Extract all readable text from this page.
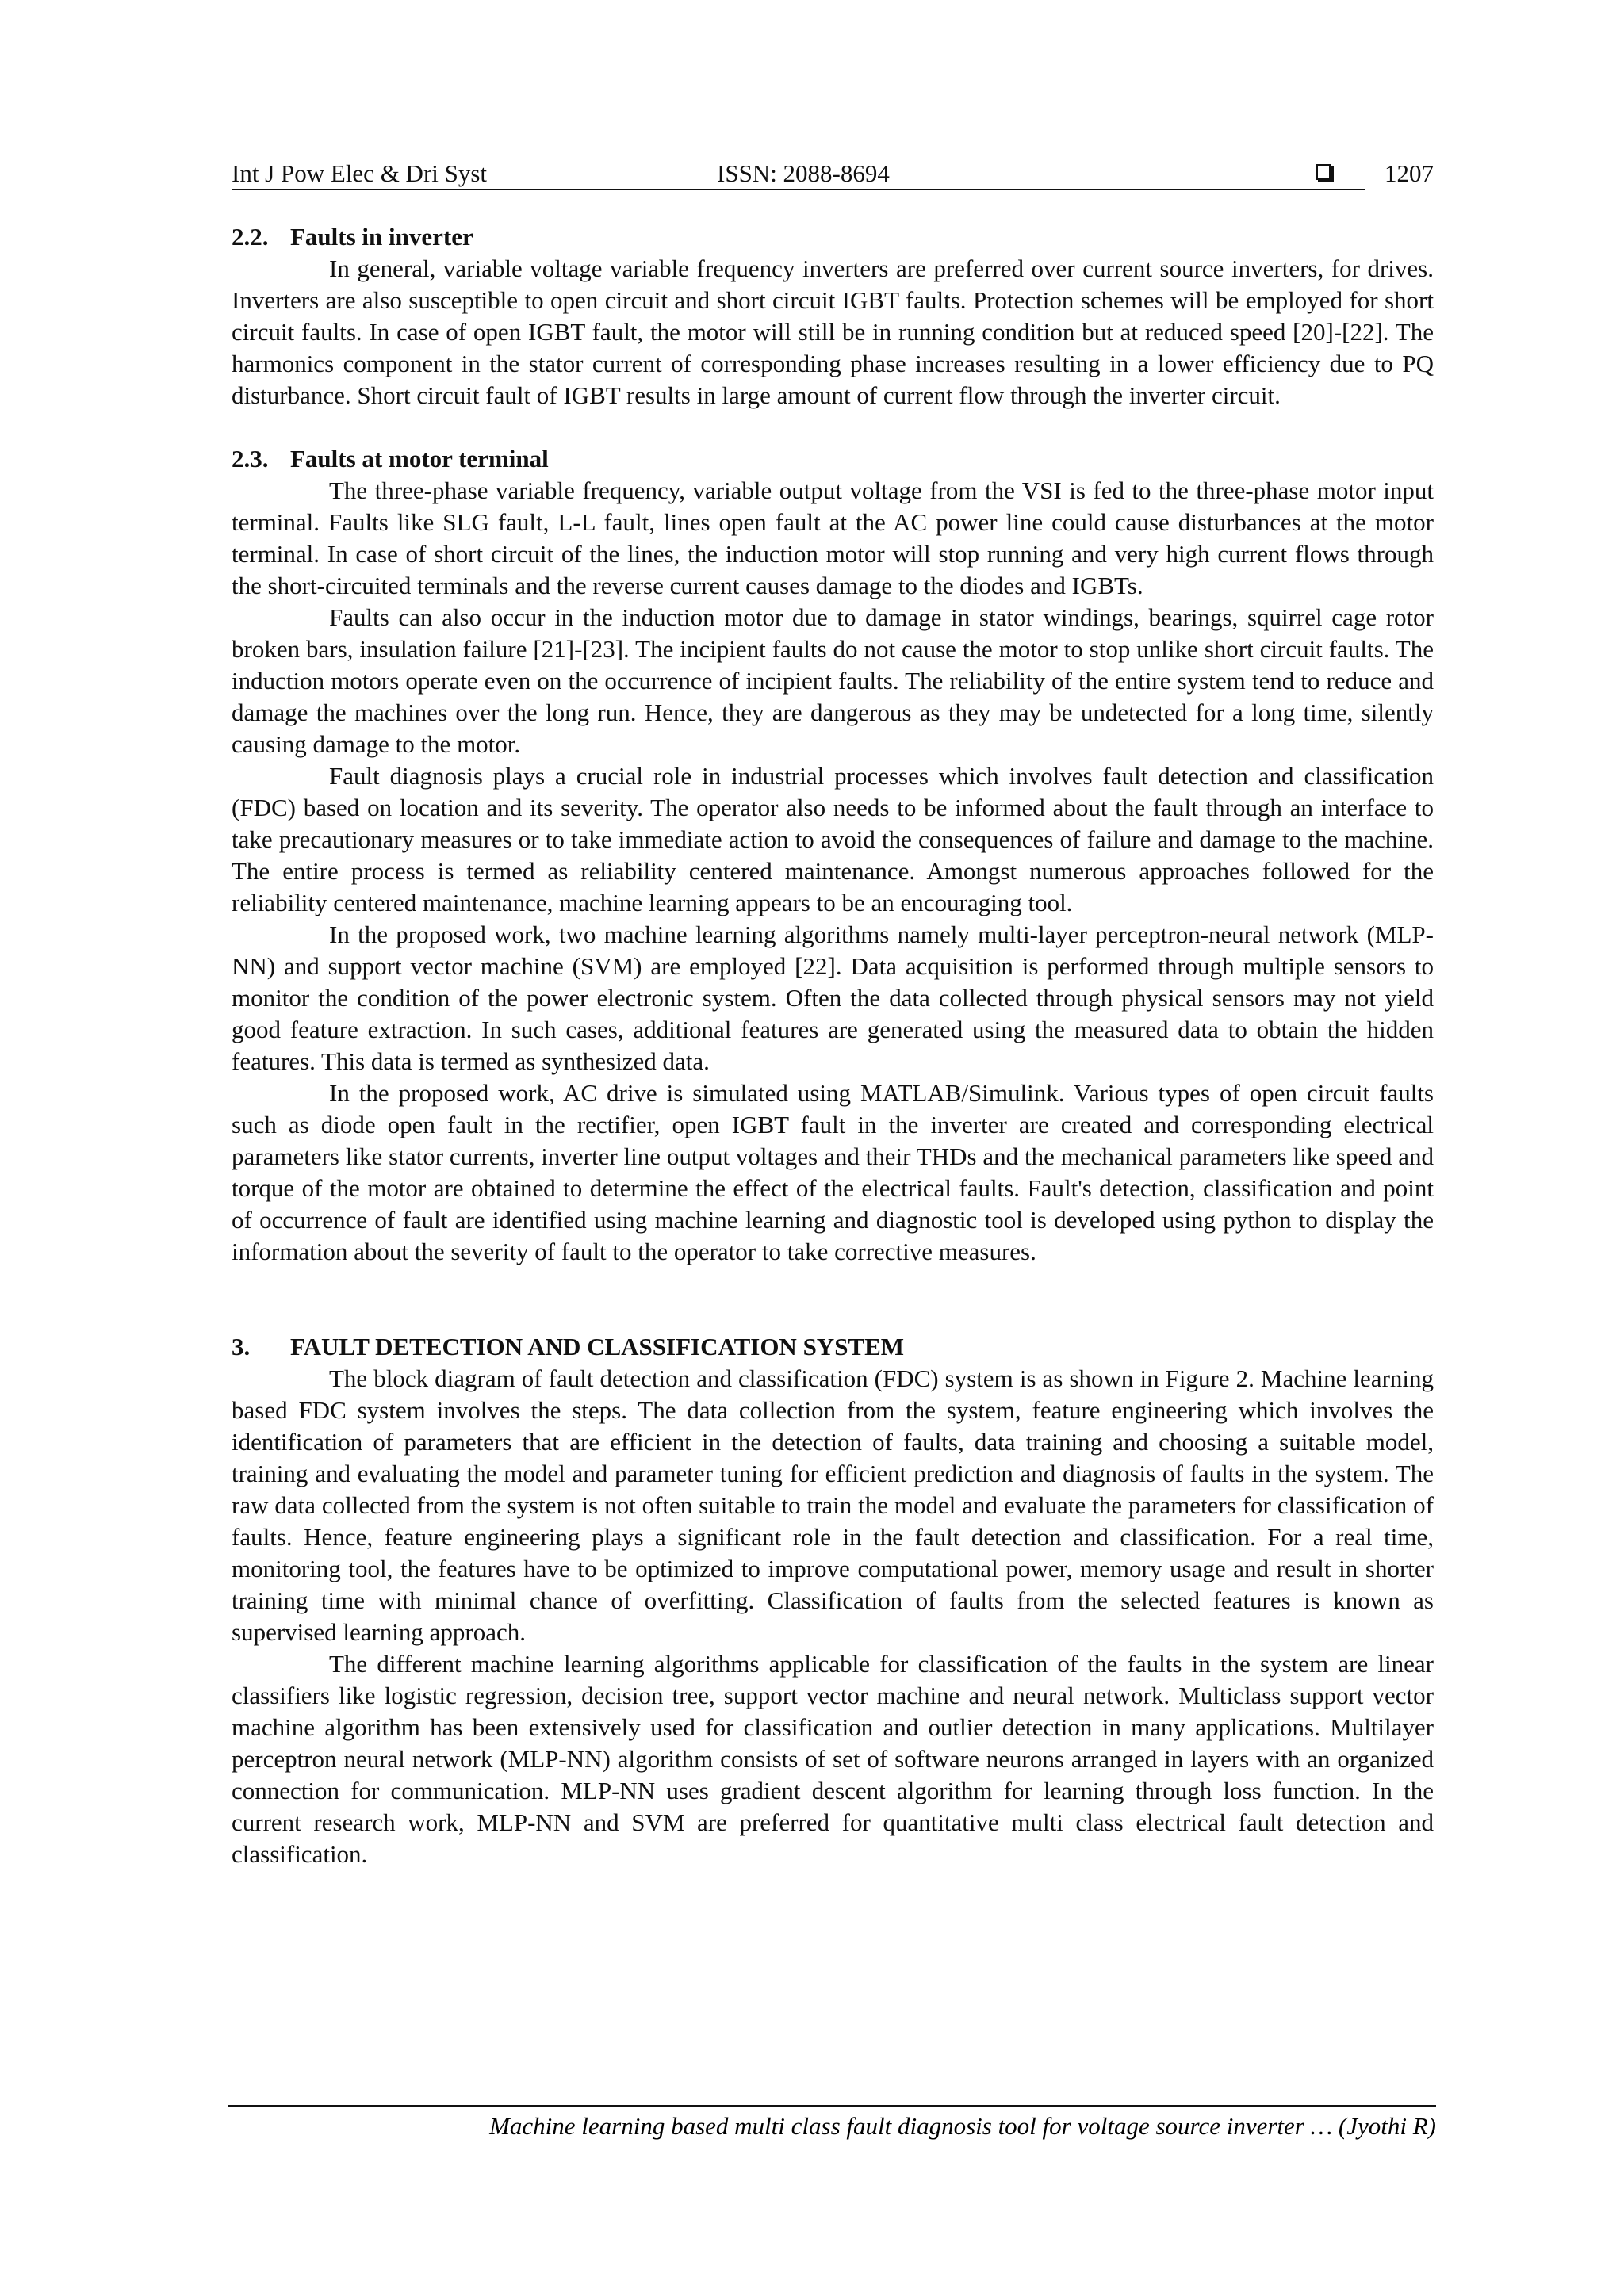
Int J Pow Elec & Dri Syst	ISSN: 2088-8694	1207
2.2. Faults in inverter

In general, variable voltage variable frequency inverters are preferred over current source inverters, for drives. Inverters are also susceptible to open circuit and short circuit IGBT faults. Protection schemes will be employed for short circuit faults. In case of open IGBT fault, the motor will still be in running condition but at reduced speed [20]-[22]. The harmonics component in the stator current of corresponding phase increases resulting in a lower efficiency due to PQ disturbance. Short circuit fault of IGBT results in large amount of current flow through the inverter circuit.

2.3. Faults at motor terminal

The three-phase variable frequency, variable output voltage from the VSI is fed to the three-phase motor input terminal. Faults like SLG fault, L-L fault, lines open fault at the AC power line could cause disturbances at the motor terminal. In case of short circuit of the lines, the induction motor will stop running and very high current flows through the short-circuited terminals and the reverse current causes damage to the diodes and IGBTs.

Faults can also occur in the induction motor due to damage in stator windings, bearings, squirrel cage rotor broken bars, insulation failure [21]-[23]. The incipient faults do not cause the motor to stop unlike short circuit faults. The induction motors operate even on the occurrence of incipient faults. The reliability of the entire system tend to reduce and damage the machines over the long run. Hence, they are dangerous as they may be undetected for a long time, silently causing damage to the motor.

Fault diagnosis plays a crucial role in industrial processes which involves fault detection and classification (FDC) based on location and its severity. The operator also needs to be informed about the fault through an interface to take precautionary measures or to take immediate action to avoid the consequences of failure and damage to the machine. The entire process is termed as reliability centered maintenance. Amongst numerous approaches followed for the reliability centered maintenance, machine learning appears to be an encouraging tool.

In the proposed work, two machine learning algorithms namely multi-layer perceptron-neural network (MLP-NN) and support vector machine (SVM) are employed [22]. Data acquisition is performed through multiple sensors to monitor the condition of the power electronic system. Often the data collected through physical sensors may not yield good feature extraction. In such cases, additional features are generated using the measured data to obtain the hidden features. This data is termed as synthesized data.

In the proposed work, AC drive is simulated using MATLAB/Simulink. Various types of open circuit faults such as diode open fault in the rectifier, open IGBT fault in the inverter are created and corresponding electrical parameters like stator currents, inverter line output voltages and their THDs and the mechanical parameters like speed and torque of the motor are obtained to determine the effect of the electrical faults. Fault's detection, classification and point of occurrence of fault are identified using machine learning and diagnostic tool is developed using python to display the information about the severity of fault to the operator to take corrective measures.

3. FAULT DETECTION AND CLASSIFICATION SYSTEM

The block diagram of fault detection and classification (FDC) system is as shown in Figure 2. Machine learning based FDC system involves the steps. The data collection from the system, feature engineering which involves the identification of parameters that are efficient in the detection of faults, data training and choosing a suitable model, training and evaluating the model and parameter tuning for efficient prediction and diagnosis of faults in the system. The raw data collected from the system is not often suitable to train the model and evaluate the parameters for classification of faults. Hence, feature engineering plays a significant role in the fault detection and classification. For a real time, monitoring tool, the features have to be optimized to improve computational power, memory usage and result in shorter training time with minimal chance of overfitting. Classification of faults from the selected features is known as supervised learning approach.

The different machine learning algorithms applicable for classification of the faults in the system are linear classifiers like logistic regression, decision tree, support vector machine and neural network. Multiclass support vector machine algorithm has been extensively used for classification and outlier detection in many applications. Multilayer perceptron neural network (MLP-NN) algorithm consists of set of software neurons arranged in layers with an organized connection for communication. MLP-NN uses gradient descent algorithm for learning through loss function. In the current research work, MLP-NN and SVM are preferred for quantitative multi class electrical fault detection and classification.

Machine learning based multi class fault diagnosis tool for voltage source inverter … (Jyothi R)
